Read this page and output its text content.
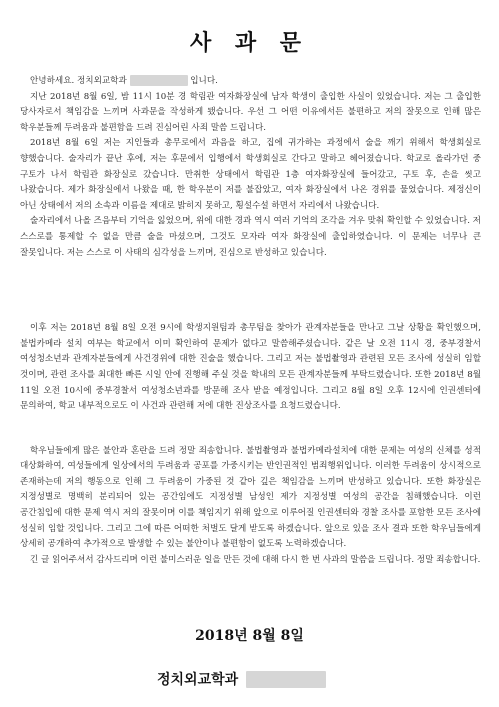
사 과 문

안녕하세요. 정치외교학과	입니다.

지난 2018년 8월 6일, 밤 11시 10분 경 학림관 여자화장실에 남자 학생이 출입한 사실이 있었습니다. 저는 그 출입한 당사자로서 책임감을 느끼며 사과문을 작성하게 됐습니다. 우선 그 어떤 이유에서든 불편하고 저의 잘못으로 인해 많은 학우분들께 두려움과 불편함을 드려 진심어린 사죄 말씀 드립니다.

2018년 8월 6일 저는 지인들과 총무로에서 과음을 하고, 집에 귀가하는 과정에서 술을 깨기 위해서 학생회실로 향했습니다. 술자리가 끝난 후에, 저는 후문에서 입행에서 학생회실로 간다고 말하고 헤어졌습니다. 학교로 올라가던 중 구토가 나서 학림관 화장실로 갔습니다. 만취한 상태에서 학림관 1층 여자화장실에 들어갔고, 구토 후, 손을 씻고 나왔습니다. 제가 화장실에서 나왔을 때, 한 학우분이 저를 불잡았고, 여자 화장실에서 나온 경위를 물었습니다. 제정신이 아닌 상태에서 저의 소속과 이름을 제대로 밝히지 못하고, 횡설수설 하면서 자리에서 나왔습니다.

술자리에서 나올 즈음부터 기억을 잃었으며, 위에 대한 경과 역시 여러 기억의 조각을 겨우 맞춰 확인할 수 있었습니다. 저 스스로를 통제할 수 없을 만큼 술을 마셨으며, 그것도 모자라 여자 화장실에 출입하였습니다. 이 문제는 너무나 큰 잘못입니다. 저는 스스로 이 사태의 심각성을 느끼며, 진심으로 반성하고 있습니다.

이후 저는 2018년 8월 8일 오전 9시에 학생지원팀과 총무팀을 찾아가 관계자분들을 만나고 그날 상황을 확인했으며, 불법카메라 설치 여부는 학교에서 이미 확인하여 문제가 없다고 말씀해주셨습니다. 같은 날 오전 11시 경, 중부경찰서 여성청소년과 관계자분들에게 사건경위에 대한 진술을 했습니다. 그리고 저는 불법촬영과 관련된 모든 조사에 성실히 임할 것이며, 관련 조사를 최대한 빠른 시일 안에 진행해 주실 것을 학내의 모든 관계자분들께 부탁드렸습니다. 또한 2018년 8월 11일 오전 10시에 중부경찰서 여성청소년과를 방문해 조사 받을 예정입니다. 그리고 8월 8일 오후 12시에 인권센터에 문의하여, 학교 내부적으로도 이 사건과 관련해 저에 대한 진상조사를 요청드렸습니다.

학우님들에게 많은 불안과 혼란을 드려 정말 죄송합니다. 불법촬영과 불법카메라설치에 대한 문제는 여성의 신체를 성적 대상화하여, 여성들에게 일상에서의 두려움과 공포를 가중시키는 반인권적인 범죄행위입니다. 이러한 두려움이 상시적으로 존재하는데 저의 행동으로 인해 그 두려움이 가중된 것 같아 깊은 책임감을 느끼며 반성하고 있습니다. 또한 화장실은 지정성별로 명백히 분리되어 있는 공간임에도 지정성별 남성인 제가 지정성별 여성의 공간을 침해했습니다. 이런 공간침입에 대한 문제 역시 저의 잘못이며 이를 책임지기 위해 앞으로 이루어질 인권센터와 경찰 조사를 포함한 모든 조사에 성실히 임할 것입니다. 그리고 그에 따른 어떠한 처벌도 달게 받도록 하겠습니다. 앞으로 있을 조사 결과 또한 학우님들에게 상세히 공개하여 추가적으로 발생할 수 있는 불안이나 불편함이 없도록 노력하겠습니다.

긴 글 읽어주셔서 감사드리며 이런 불미스러운 일을 만든 것에 대해 다시 한 번 사과의 말씀을 드립니다. 정말 죄송합니다.

2018년 8월 8일
정치외교학과
